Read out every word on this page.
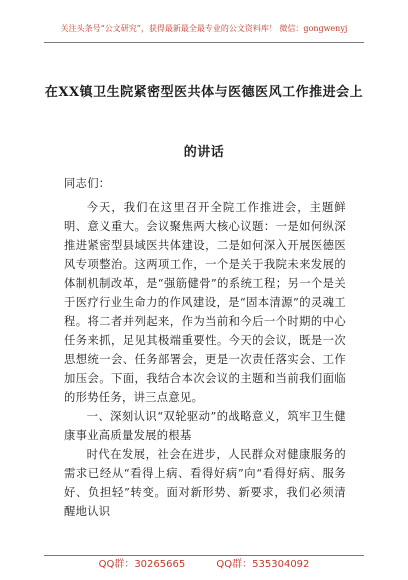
关注头条号“公文研究”，获得最新最全最专业的公文资料库！ 微信：gongwenyj
在XX镇卫生院紧密型医共体与医德医风工作推进会上的讲话

同志们：

今天，我们在这里召开全院工作推进会，主题鲜明、意义重大。会议聚焦两大核心议题：一是如何纵深推进紧密型县域医共体建设，二是如何深入开展医德医风专项整治。这两项工作，一个是关于我院未来发展的体制机制改革，是“强筋健骨”的系统工程；另一个是关于医疗行业生命力的作风建设，是“固本清源”的灵魂工程。将二者并列起来，作为当前和今后一个时期的中心任务来抓，足见其极端重要性。今天的会议，既是一次思想统一会、任务部署会，更是一次责任落实会、工作加压会。下面，我结合本次会议的主题和当前我们面临的形势任务，讲三点意见。

一、深刻认识“双轮驱动”的战略意义，筑牢卫生健康事业高质量发展的根基

时代在发展，社会在进步，人民群众对健康服务的需求已经从“看得上病、看得好病”向“看得好病、服务好、负担轻”转变。面对新形势、新要求，我们必须清醒地认识

QQ群：30265665	QQ群：535304092
